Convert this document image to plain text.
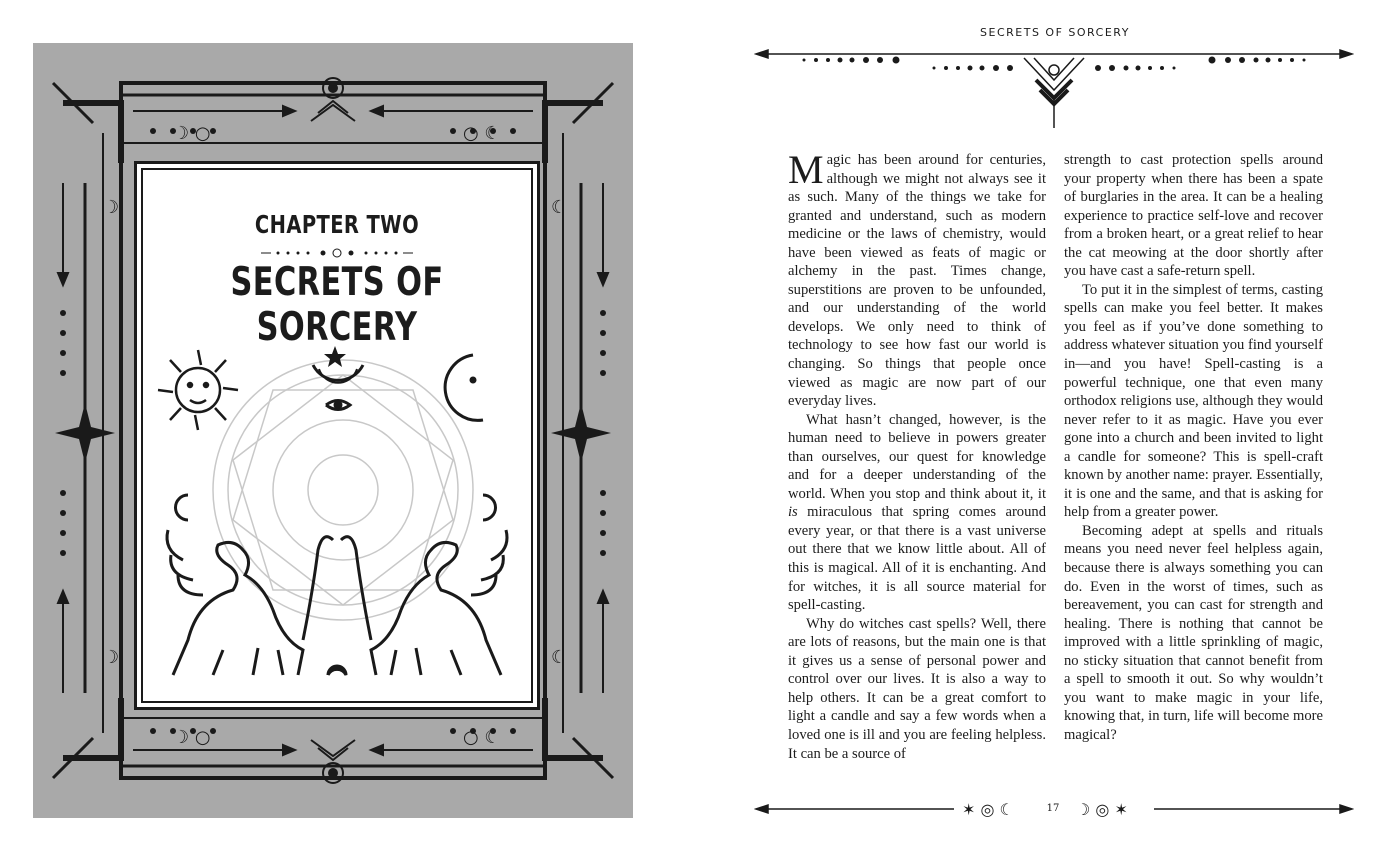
☽ ○	○ ☾
☽ ○	○ ☾
☽	☾
☽	☾
CHAPTER TWO
SECRETS OF SORCERY
SECRETS OF SORCERY

Magic has been around for centuries, although we might not always see it as such. Many of the things we take for granted and understand, such as modern medicine or the laws of chemistry, would have been viewed as feats of magic or alchemy in the past. Times change, superstitions are proven to be unfounded, and our understanding of the world develops. We only need to think of technology to see how fast our world is changing. So things that people once viewed as magic are now part of our everyday lives.

What hasn’t changed, however, is the human need to believe in powers greater than ourselves, our quest for knowledge and for a deeper understanding of the world. When you stop and think about it, it is miraculous that spring comes around every year, or that there is a vast universe out there that we know little about. All of this is magical. All of it is enchanting. And for witches, it is all source material for spell-casting.

Why do witches cast spells? Well, there are lots of reasons, but the main one is that it gives us a sense of personal power and control over our lives. It is also a way to help others. It can be a great comfort to light a candle and say a few words when a loved one is ill and you are feeling helpless. It can be a source of

strength to cast protection spells around your property when there has been a spate of burglaries in the area. It can be a healing experience to practice self-love and recover from a broken heart, or a great relief to hear the cat meowing at the door shortly after you have cast a safe-return spell.

To put it in the simplest of terms, casting spells can make you feel better. It makes you feel as if you’ve done something to address whatever situation you find yourself in—and you have! Spell-casting is a powerful technique, one that even many orthodox religions use, although they would never refer to it as magic. Have you ever gone into a church and been invited to light a candle for someone? This is spell-craft known by another name: prayer. Essentially, it is one and the same, and that is asking for help from a greater power.

Becoming adept at spells and rituals means you need never feel helpless again, because there is always something you can do. Even in the worst of times, such as bereavement, you can cast for strength and healing. There is nothing that cannot be improved with a little sprinkling of magic, no sticky situation that cannot benefit from a spell to smooth it out. So why wouldn’t you want to make magic in your life, knowing that, in turn, life will become more magical?

✶ ◎ ☾	☽ ◎ ✶
17
